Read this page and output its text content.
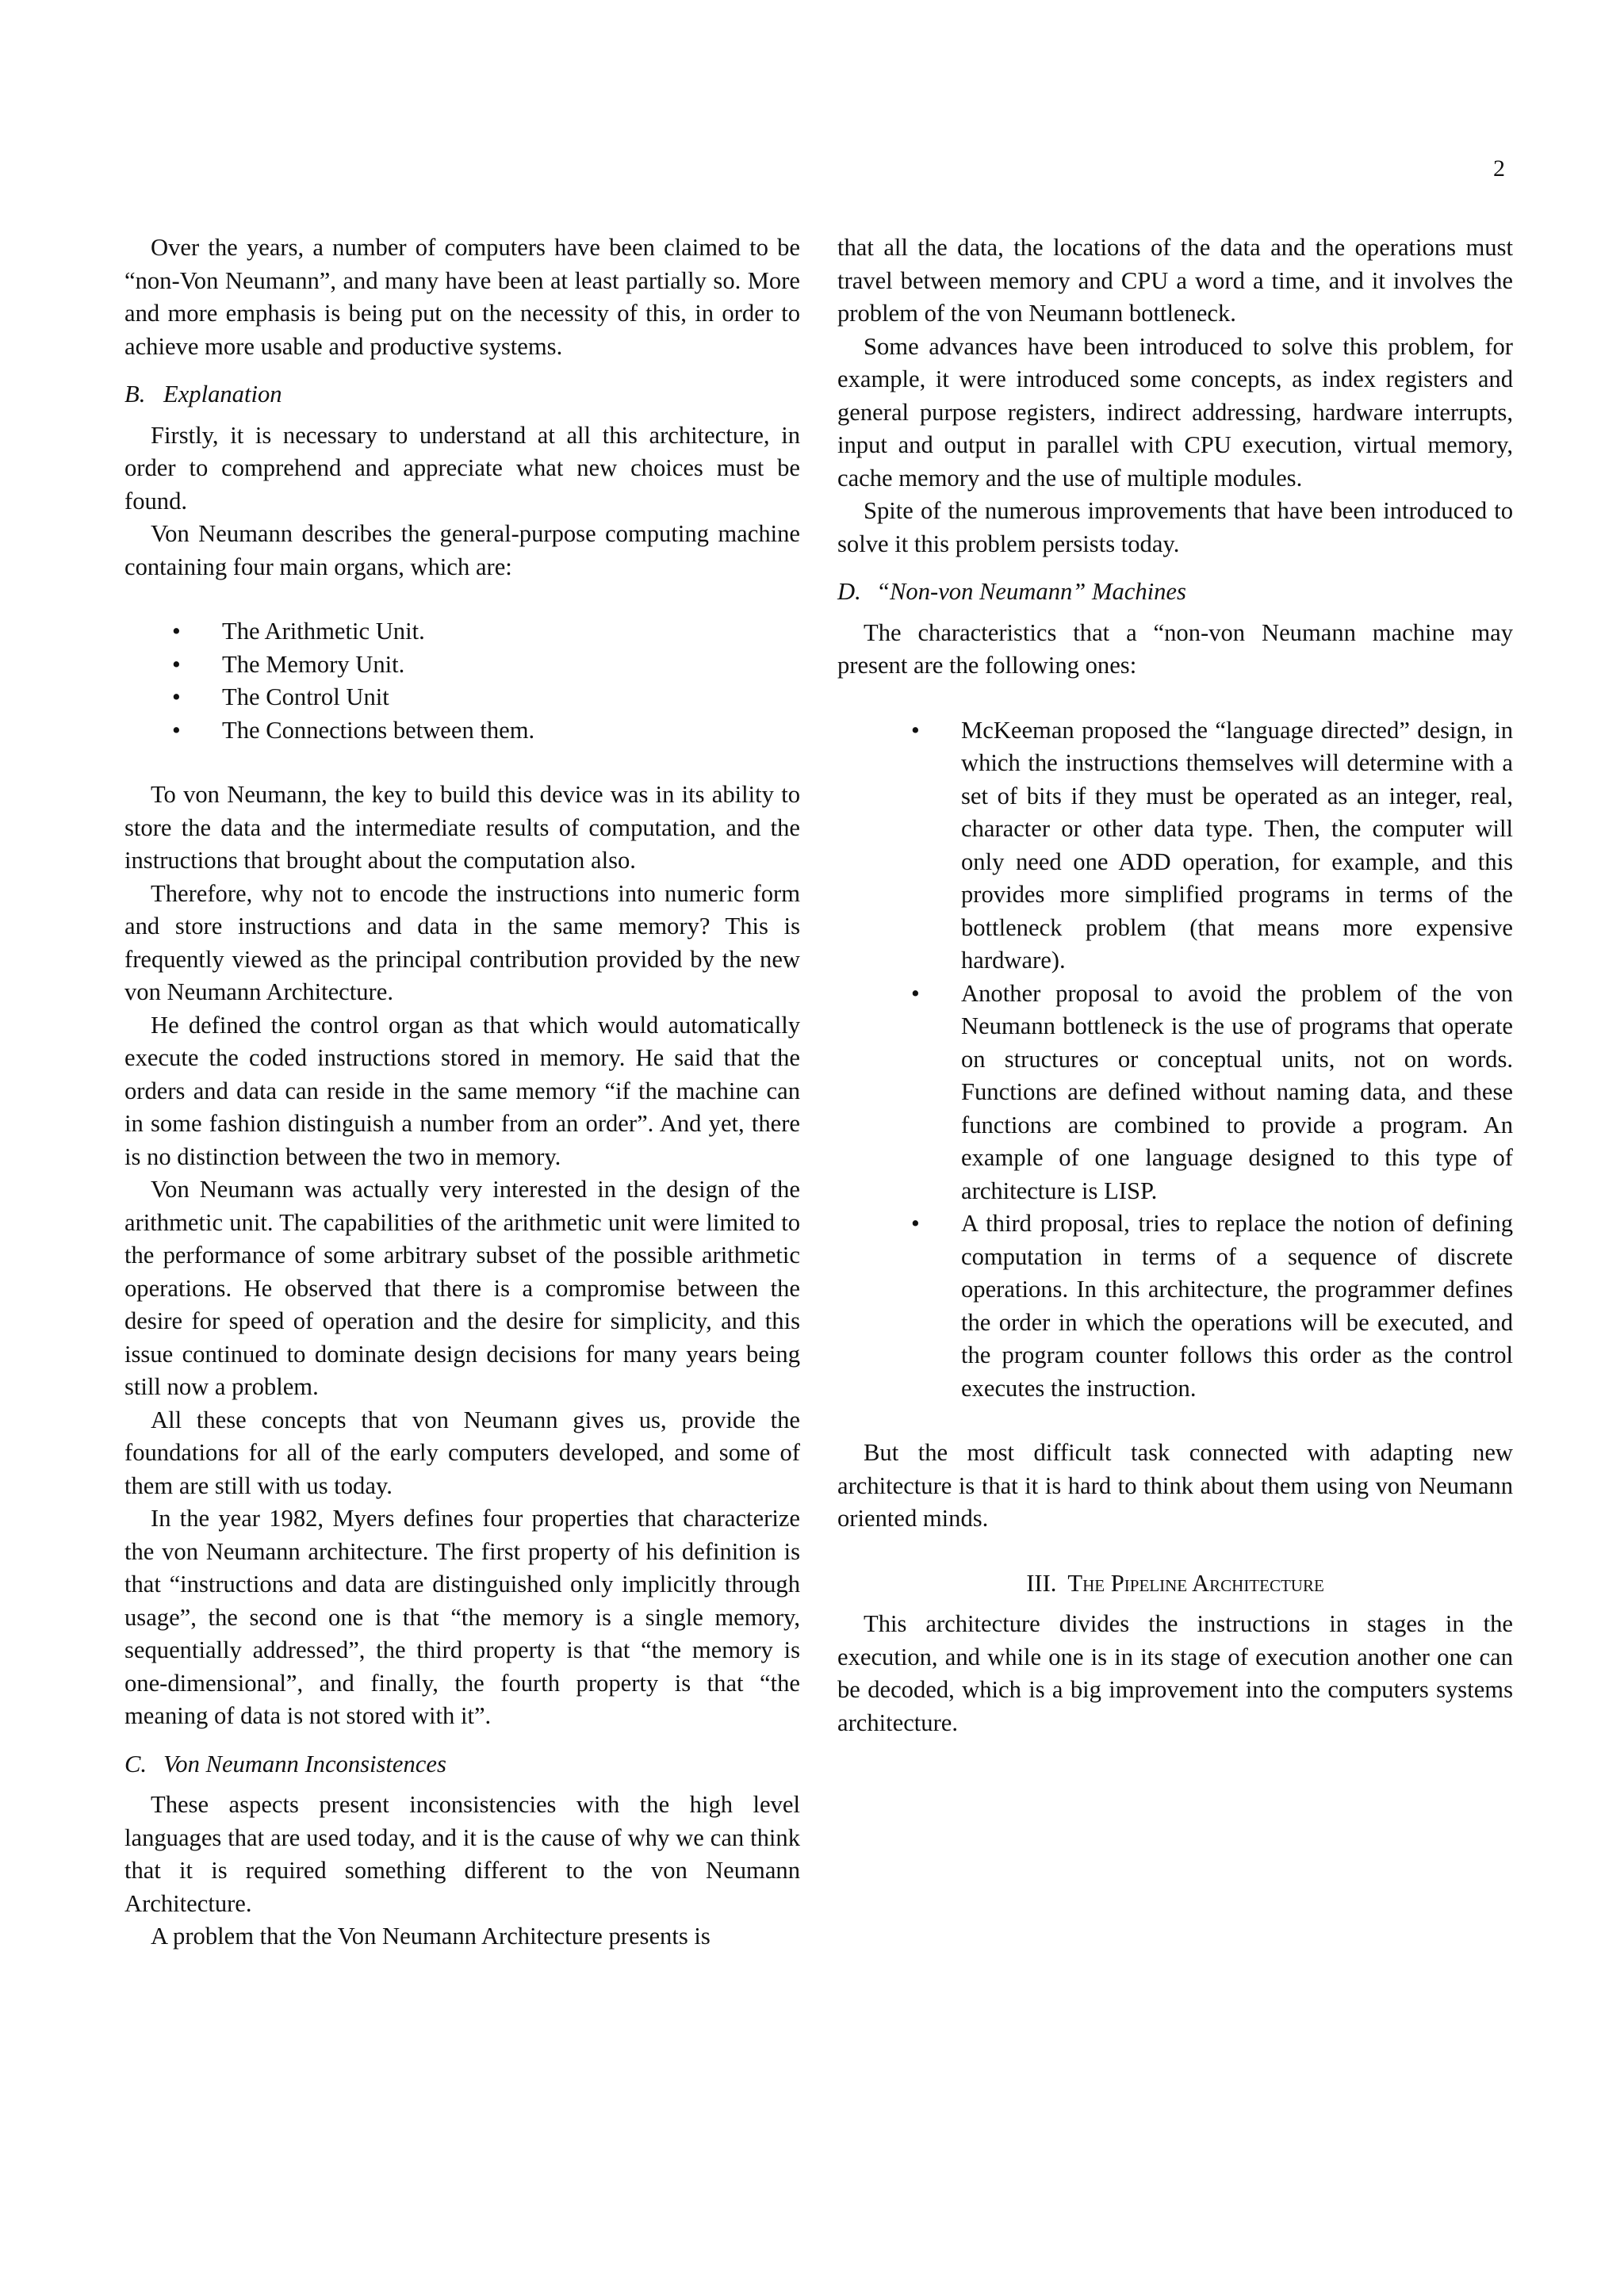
2

Over the years, a number of computers have been claimed to be “non-Von Neumann”, and many have been at least partially so. More and more emphasis is being put on the necessity of this, in order to achieve more usable and productive systems.

B. Explanation

Firstly, it is necessary to understand at all this architecture, in order to comprehend and appreciate what new choices must be found.

Von Neumann describes the general-purpose computing machine containing four main organs, which are:

• The Arithmetic Unit.
• The Memory Unit.
• The Control Unit
• The Connections between them.

To von Neumann, the key to build this device was in its ability to store the data and the intermediate results of computation, and the instructions that brought about the computation also.

Therefore, why not to encode the instructions into numeric form and store instructions and data in the same memory? This is frequently viewed as the principal contribution provided by the new von Neumann Architecture.

He defined the control organ as that which would automatically execute the coded instructions stored in memory. He said that the orders and data can reside in the same memory “if the machine can in some fashion distinguish a number from an order”. And yet, there is no distinction between the two in memory.

Von Neumann was actually very interested in the design of the arithmetic unit. The capabilities of the arithmetic unit were limited to the performance of some arbitrary subset of the possible arithmetic operations. He observed that there is a compromise between the desire for speed of operation and the desire for simplicity, and this issue continued to dominate design decisions for many years being still now a problem.

All these concepts that von Neumann gives us, provide the foundations for all of the early computers developed, and some of them are still with us today.

In the year 1982, Myers defines four properties that characterize the von Neumann architecture. The first property of his definition is that “instructions and data are distinguished only implicitly through usage”, the second one is that “the memory is a single memory, sequentially addressed”, the third property is that “the memory is one-dimensional”, and finally, the fourth property is that “the meaning of data is not stored with it”.

C. Von Neumann Inconsistences

These aspects present inconsistencies with the high level languages that are used today, and it is the cause of why we can think that it is required something different to the von Neumann Architecture.

A problem that the Von Neumann Architecture presents is

that all the data, the locations of the data and the operations must travel between memory and CPU a word a time, and it involves the problem of the von Neumann bottleneck.

Some advances have been introduced to solve this problem, for example, it were introduced some concepts, as index registers and general purpose registers, indirect addressing, hardware interrupts, input and output in parallel with CPU execution, virtual memory, cache memory and the use of multiple modules.

Spite of the numerous improvements that have been introduced to solve it this problem persists today.

D. “Non-von Neumann” Machines

The characteristics that a “non-von Neumann machine may present are the following ones:

• McKeeman proposed the “language directed” design, in which the instructions themselves will determine with a set of bits if they must be operated as an integer, real, character or other data type. Then, the computer will only need one ADD operation, for example, and this provides more simplified programs in terms of the bottleneck problem (that means more expensive hardware).
• Another proposal to avoid the problem of the von Neumann bottleneck is the use of programs that operate on structures or conceptual units, not on words. Functions are defined without naming data, and these functions are combined to provide a program. An example of one language designed to this type of architecture is LISP.
• A third proposal, tries to replace the notion of defining computation in terms of a sequence of discrete operations. In this architecture, the programmer defines the order in which the operations will be executed, and the program counter follows this order as the control executes the instruction.

But the most difficult task connected with adapting new architecture is that it is hard to think about them using von Neumann oriented minds.

III. The Pipeline Architecture

This architecture divides the instructions in stages in the execution, and while one is in its stage of execution another one can be decoded, which is a big improvement into the computers systems architecture.
